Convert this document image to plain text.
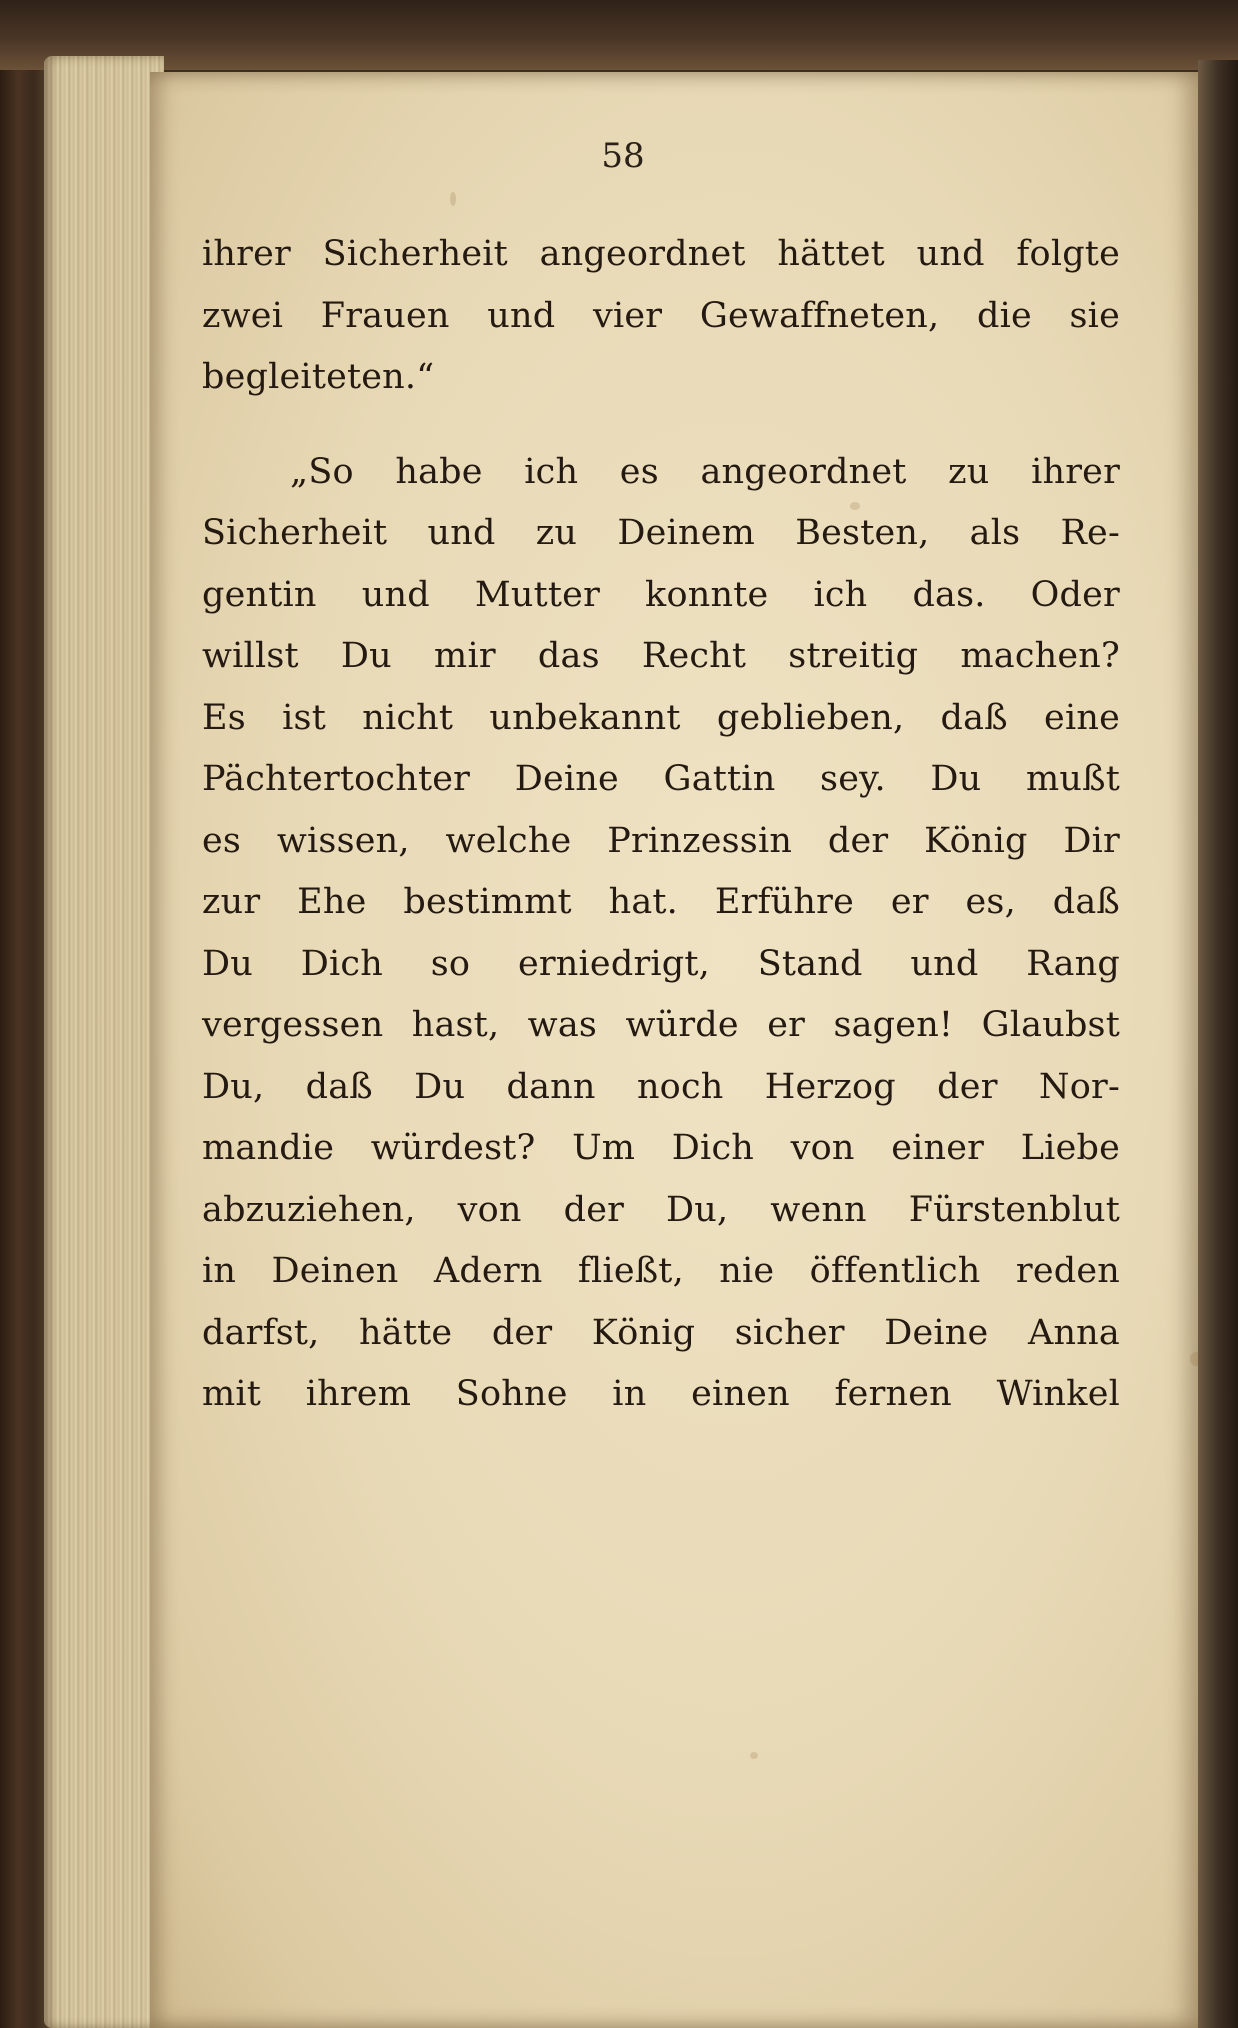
58

ihrer Sicherheit angeordnet hättet und folgte
zwei Frauen und vier Gewaffneten, die sie
begleiteten.“
„So habe ich es angeordnet zu ihrer
Sicherheit und zu Deinem Besten, als Re-
gentin und Mutter konnte ich das. Oder
willst Du mir das Recht streitig machen?
Es ist nicht unbekannt geblieben, daß eine
Pächtertochter Deine Gattin sey. Du mußt
es wissen, welche Prinzessin der König Dir
zur Ehe bestimmt hat. Erführe er es, daß
Du Dich so erniedrigt, Stand und Rang
vergessen hast, was würde er sagen! Glaubst
Du, daß Du dann noch Herzog der Nor-
mandie würdest? Um Dich von einer Liebe
abzuziehen, von der Du, wenn Fürstenblut
in Deinen Adern fließt, nie öffentlich reden
darfst, hätte der König sicher Deine Anna
mit ihrem Sohne in einen fernen Winkel
